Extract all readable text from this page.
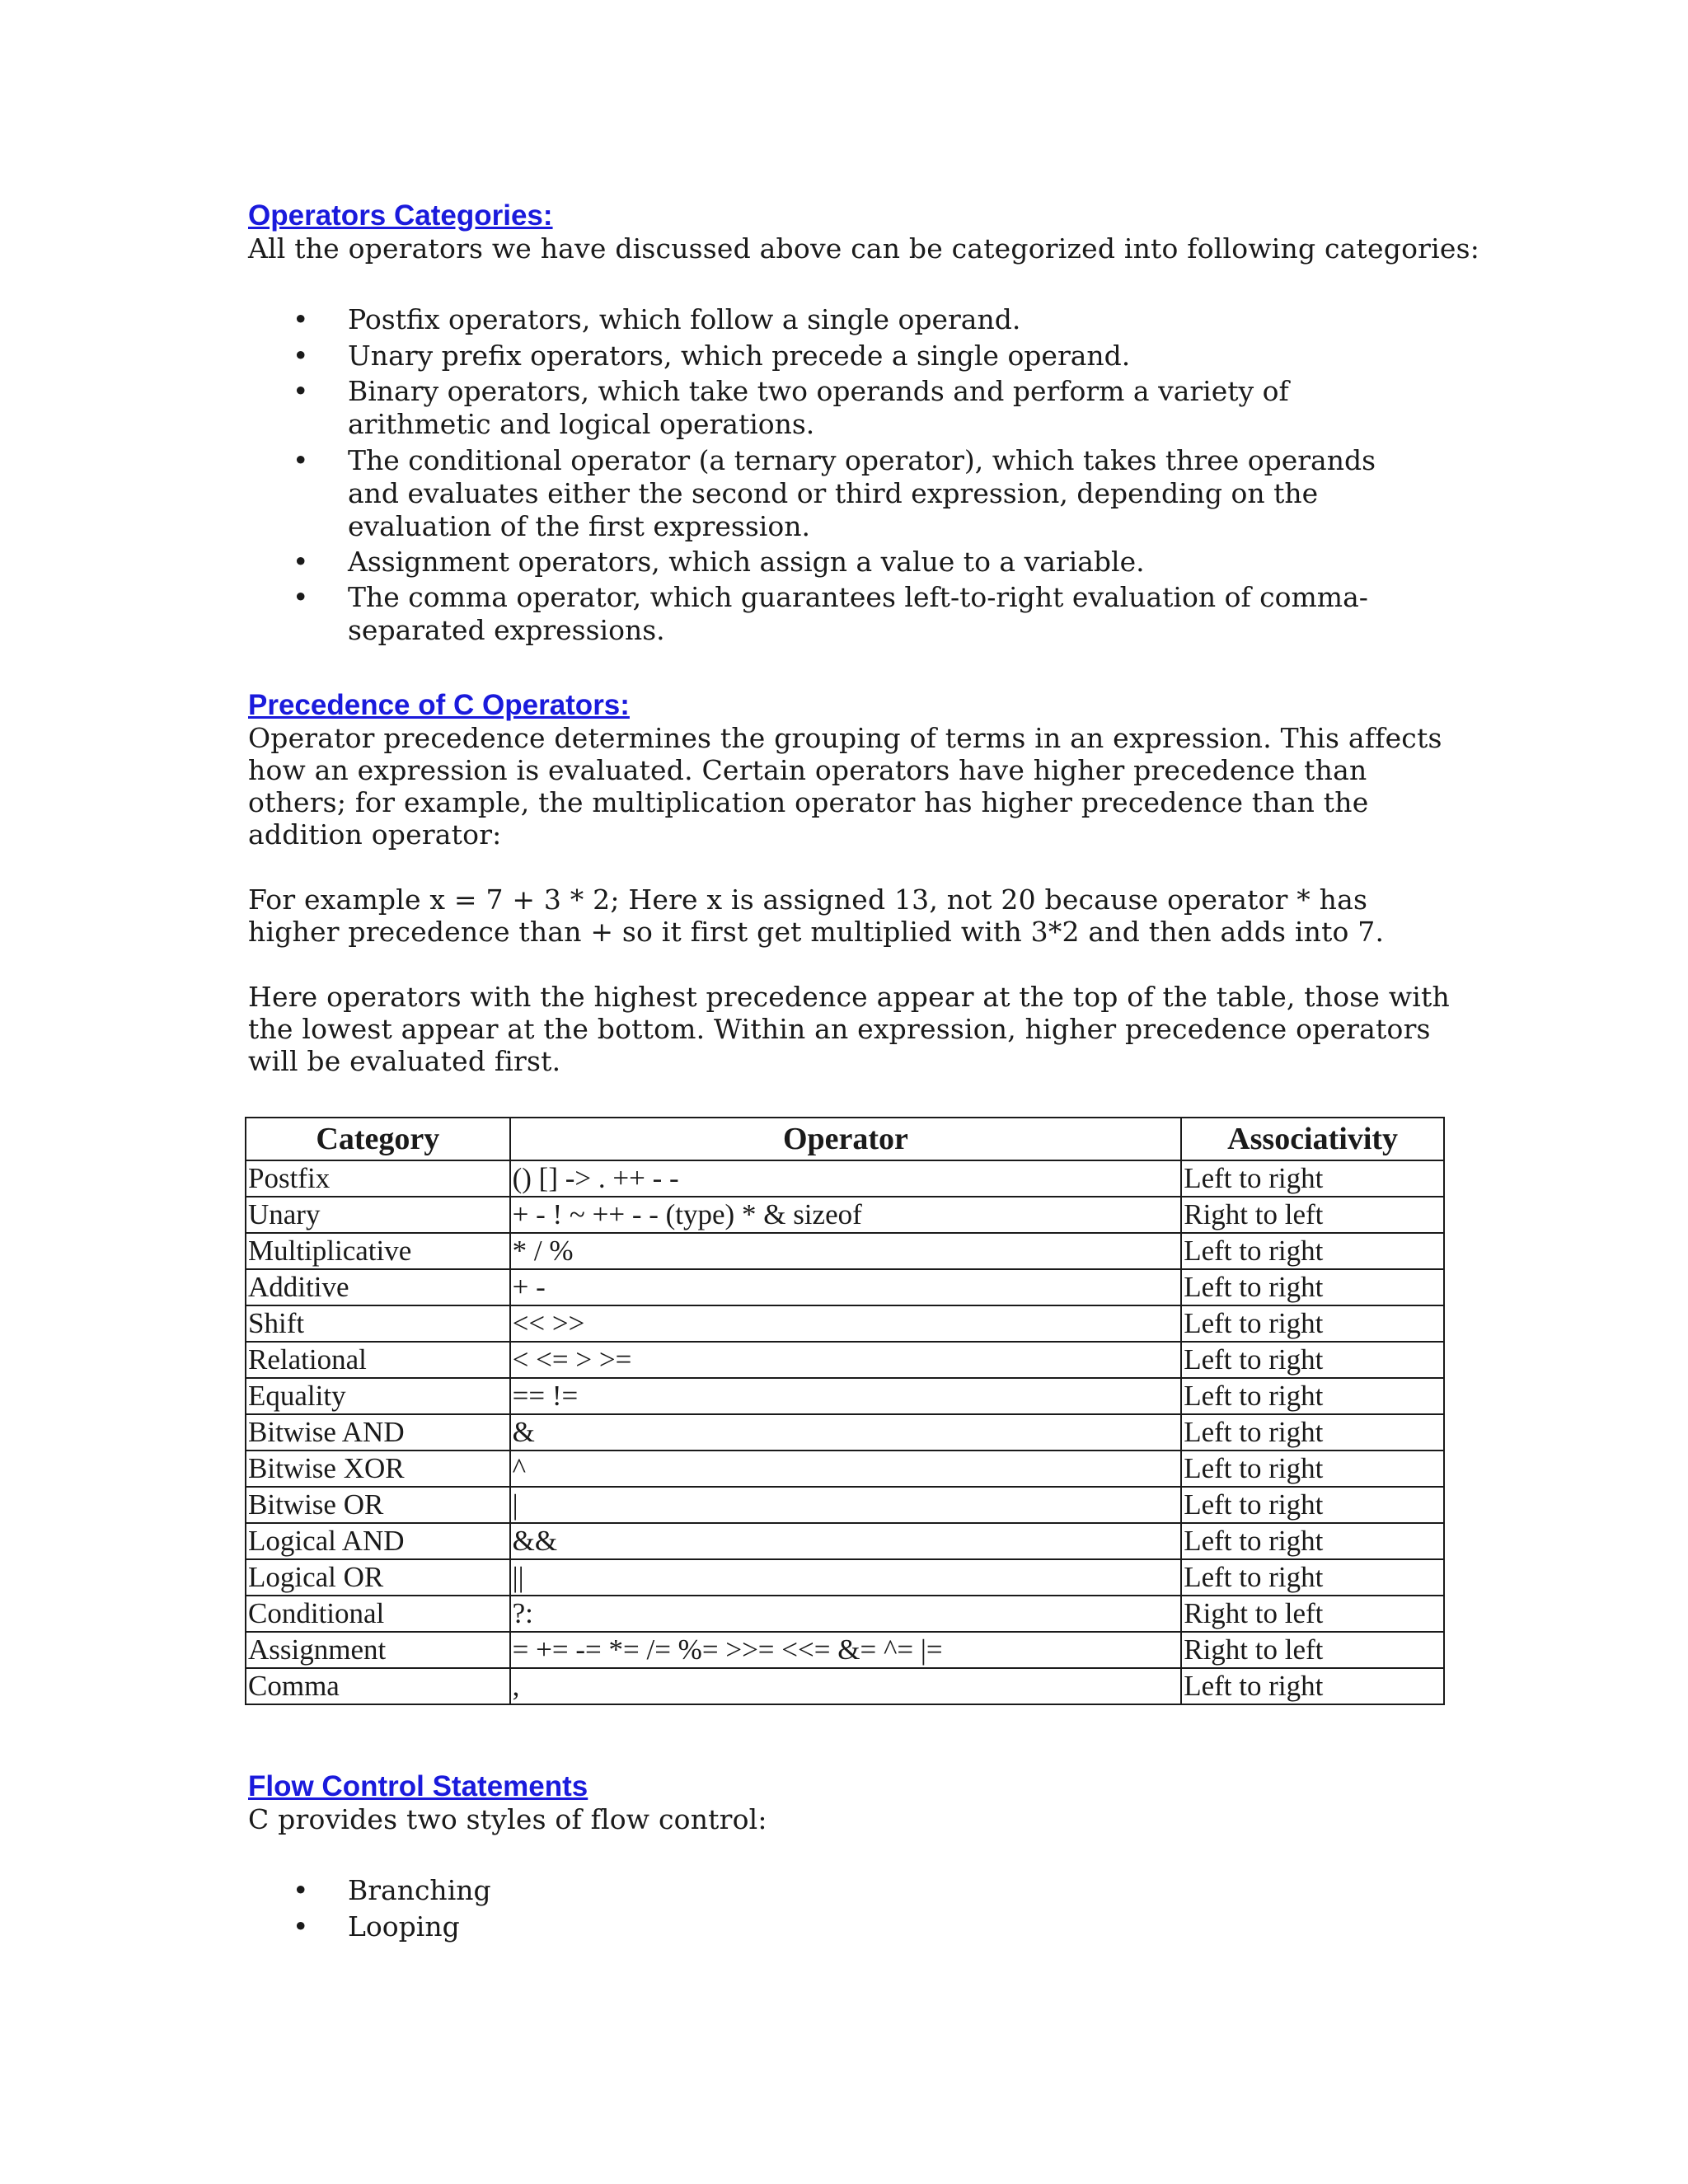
Operators Categories:

All the operators we have discussed above can be categorized into following categories:

• Postfix operators, which follow a single operand.
• Unary prefix operators, which precede a single operand.
• Binary operators, which take two operands and perform a variety of arithmetic and logical operations.
• The conditional operator (a ternary operator), which takes three operands and evaluates either the second or third expression, depending on the evaluation of the first expression.
• Assignment operators, which assign a value to a variable.
• The comma operator, which guarantees left-to-right evaluation of comma-separated expressions.
Precedence of C Operators:

Operator precedence determines the grouping of terms in an expression. This affects how an expression is evaluated. Certain operators have higher precedence than others; for example, the multiplication operator has higher precedence than the addition operator:

For example x = 7 + 3 * 2; Here x is assigned 13, not 20 because operator * has higher precedence than + so it first get multiplied with 3*2 and then adds into 7.

Here operators with the highest precedence appear at the top of the table, those with the lowest appear at the bottom. Within an expression, higher precedence operators will be evaluated first.

Category	Operator	Associativity
Postfix	() [] -> . ++ - -	Left to right
Unary	+ - ! ~ ++ - - (type) * & sizeof	Right to left
Multiplicative	* / %	Left to right
Additive	+ -	Left to right
Shift	<< >>	Left to right
Relational	< <= > >=	Left to right
Equality	== !=	Left to right
Bitwise AND	&	Left to right
Bitwise XOR	^	Left to right
Bitwise OR	|	Left to right
Logical AND	&&	Left to right
Logical OR	||	Left to right
Conditional	?:	Right to left
Assignment	= += -= *= /= %= >>= <<= &= ^= |=	Right to left
Comma	,	Left to right
Flow Control Statements

C provides two styles of flow control:

• Branching
• Looping
